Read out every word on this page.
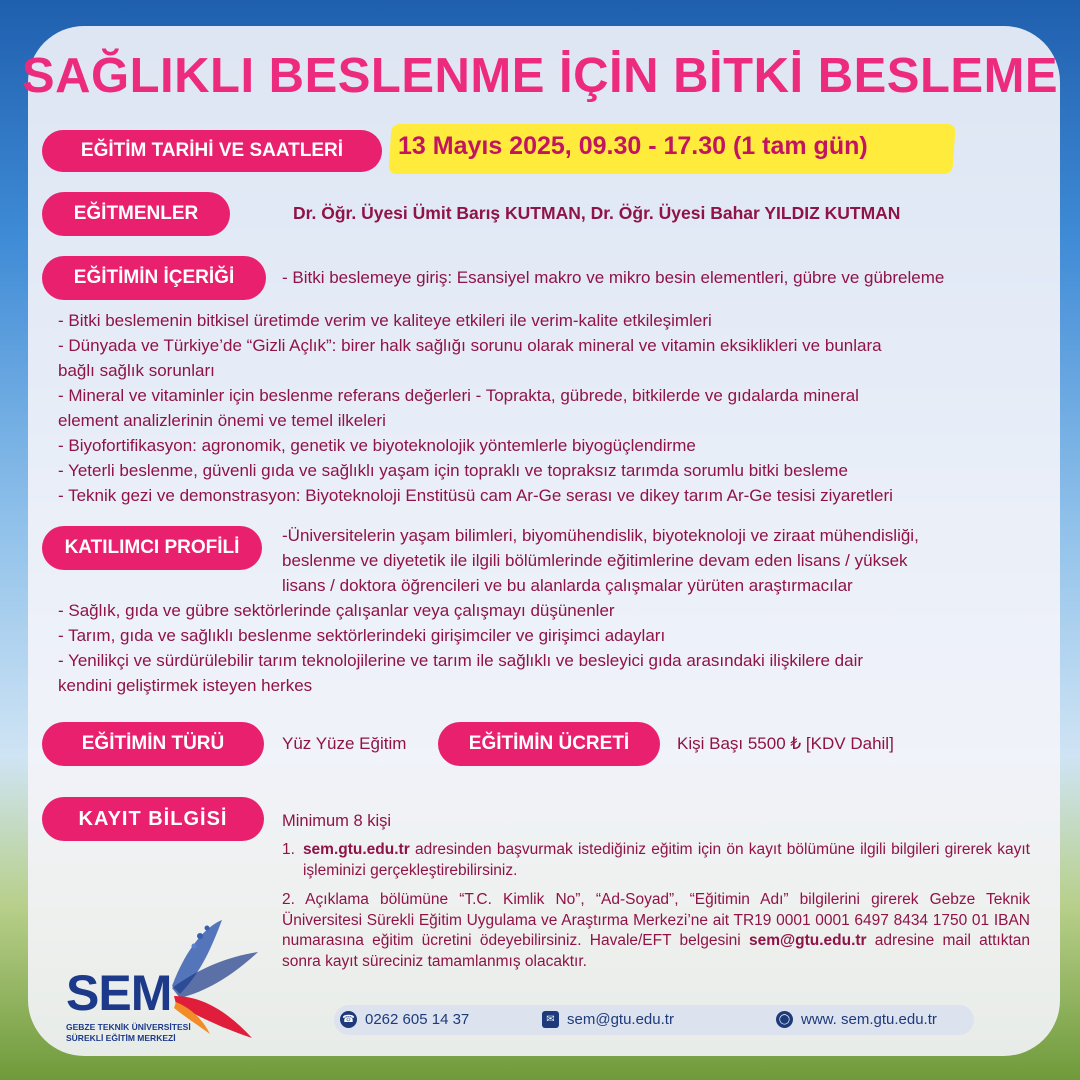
SAĞLIKLI BESLENME İÇİN BİTKİ BESLEME
EĞİTİM TARİHİ VE SAATLERİ	13 Mayıs 2025, 09.30 - 17.30 (1 tam gün)
EĞİTMENLER	Dr. Öğr. Üyesi Ümit Barış KUTMAN, Dr. Öğr. Üyesi Bahar YILDIZ KUTMAN
EĞİTİMİN İÇERİĞİ	- Bitki beslemeye giriş: Esansiyel makro ve mikro besin elementleri, gübre ve gübreleme
- Bitki beslemenin bitkisel üretimde verim ve kaliteye etkileri ile verim-kalite etkileşimleri
- Dünyada ve Türkiye’de “Gizli Açlık”: birer halk sağlığı sorunu olarak mineral ve vitamin eksiklikleri ve bunlara
bağlı sağlık sorunları
- Mineral ve vitaminler için beslenme referans değerleri - Toprakta, gübrede, bitkilerde ve gıdalarda mineral
element analizlerinin önemi ve temel ilkeleri
- Biyofortifikasyon: agronomik, genetik ve biyoteknolojik yöntemlerle biyogüçlendirme
- Yeterli beslenme, güvenli gıda ve sağlıklı yaşam için topraklı ve topraksız tarımda sorumlu bitki besleme
- Teknik gezi ve demonstrasyon: Biyoteknoloji Enstitüsü cam Ar-Ge serası ve dikey tarım Ar-Ge tesisi ziyaretleri
KATILIMCI PROFİLİ
-Üniversitelerin yaşam bilimleri, biyomühendislik, biyoteknoloji ve ziraat mühendisliği,
beslenme ve diyetetik ile ilgili bölümlerinde eğitimlerine devam eden lisans / yüksek
lisans / doktora öğrencileri ve bu alanlarda çalışmalar yürüten araştırmacılar
- Sağlık, gıda ve gübre sektörlerinde çalışanlar veya çalışmayı düşünenler
- Tarım, gıda ve sağlıklı beslenme sektörlerindeki girişimciler ve girişimci adayları
- Yenilikçi ve sürdürülebilir tarım teknolojilerine ve tarım ile sağlıklı ve besleyici gıda arasındaki ilişkilere dair
kendini geliştirmek isteyen herkes
EĞİTİMİN TÜRÜ	Yüz Yüze Eğitim	EĞİTİMİN ÜCRETİ	Kişi Başı 5500 ₺ [KDV Dahil]
KAYIT BİLGİSİ	Minimum 8 kişi
1. sem.gtu.edu.tr adresinden başvurmak istediğiniz eğitim için ön kayıt bölümüne ilgili bilgileri girerek kayıt işleminizi gerçekleştirebilirsiniz.
2. Açıklama bölümüne “T.C. Kimlik No”, “Ad-Soyad”, “Eğitimin Adı” bilgilerini girerek Gebze Teknik Üniversitesi Sürekli Eğitim Uygulama ve Araştırma Merkezi’ne ait TR19 0001 0001 6497 8434 1750 01 IBAN numarasına eğitim ücretini ödeyebilirsiniz. Havale/EFT belgesini sem@gtu.edu.tr adresine mail attıktan sonra kayıt süreciniz tamamlanmış olacaktır.
SEM
GEBZE TEKNİK ÜNİVERSİTESİ
SÜREKLİ EĞİTİM MERKEZİ
☎ 0262 605 14 37	✉ sem@gtu.edu.tr	◯ www. sem.gtu.edu.tr
